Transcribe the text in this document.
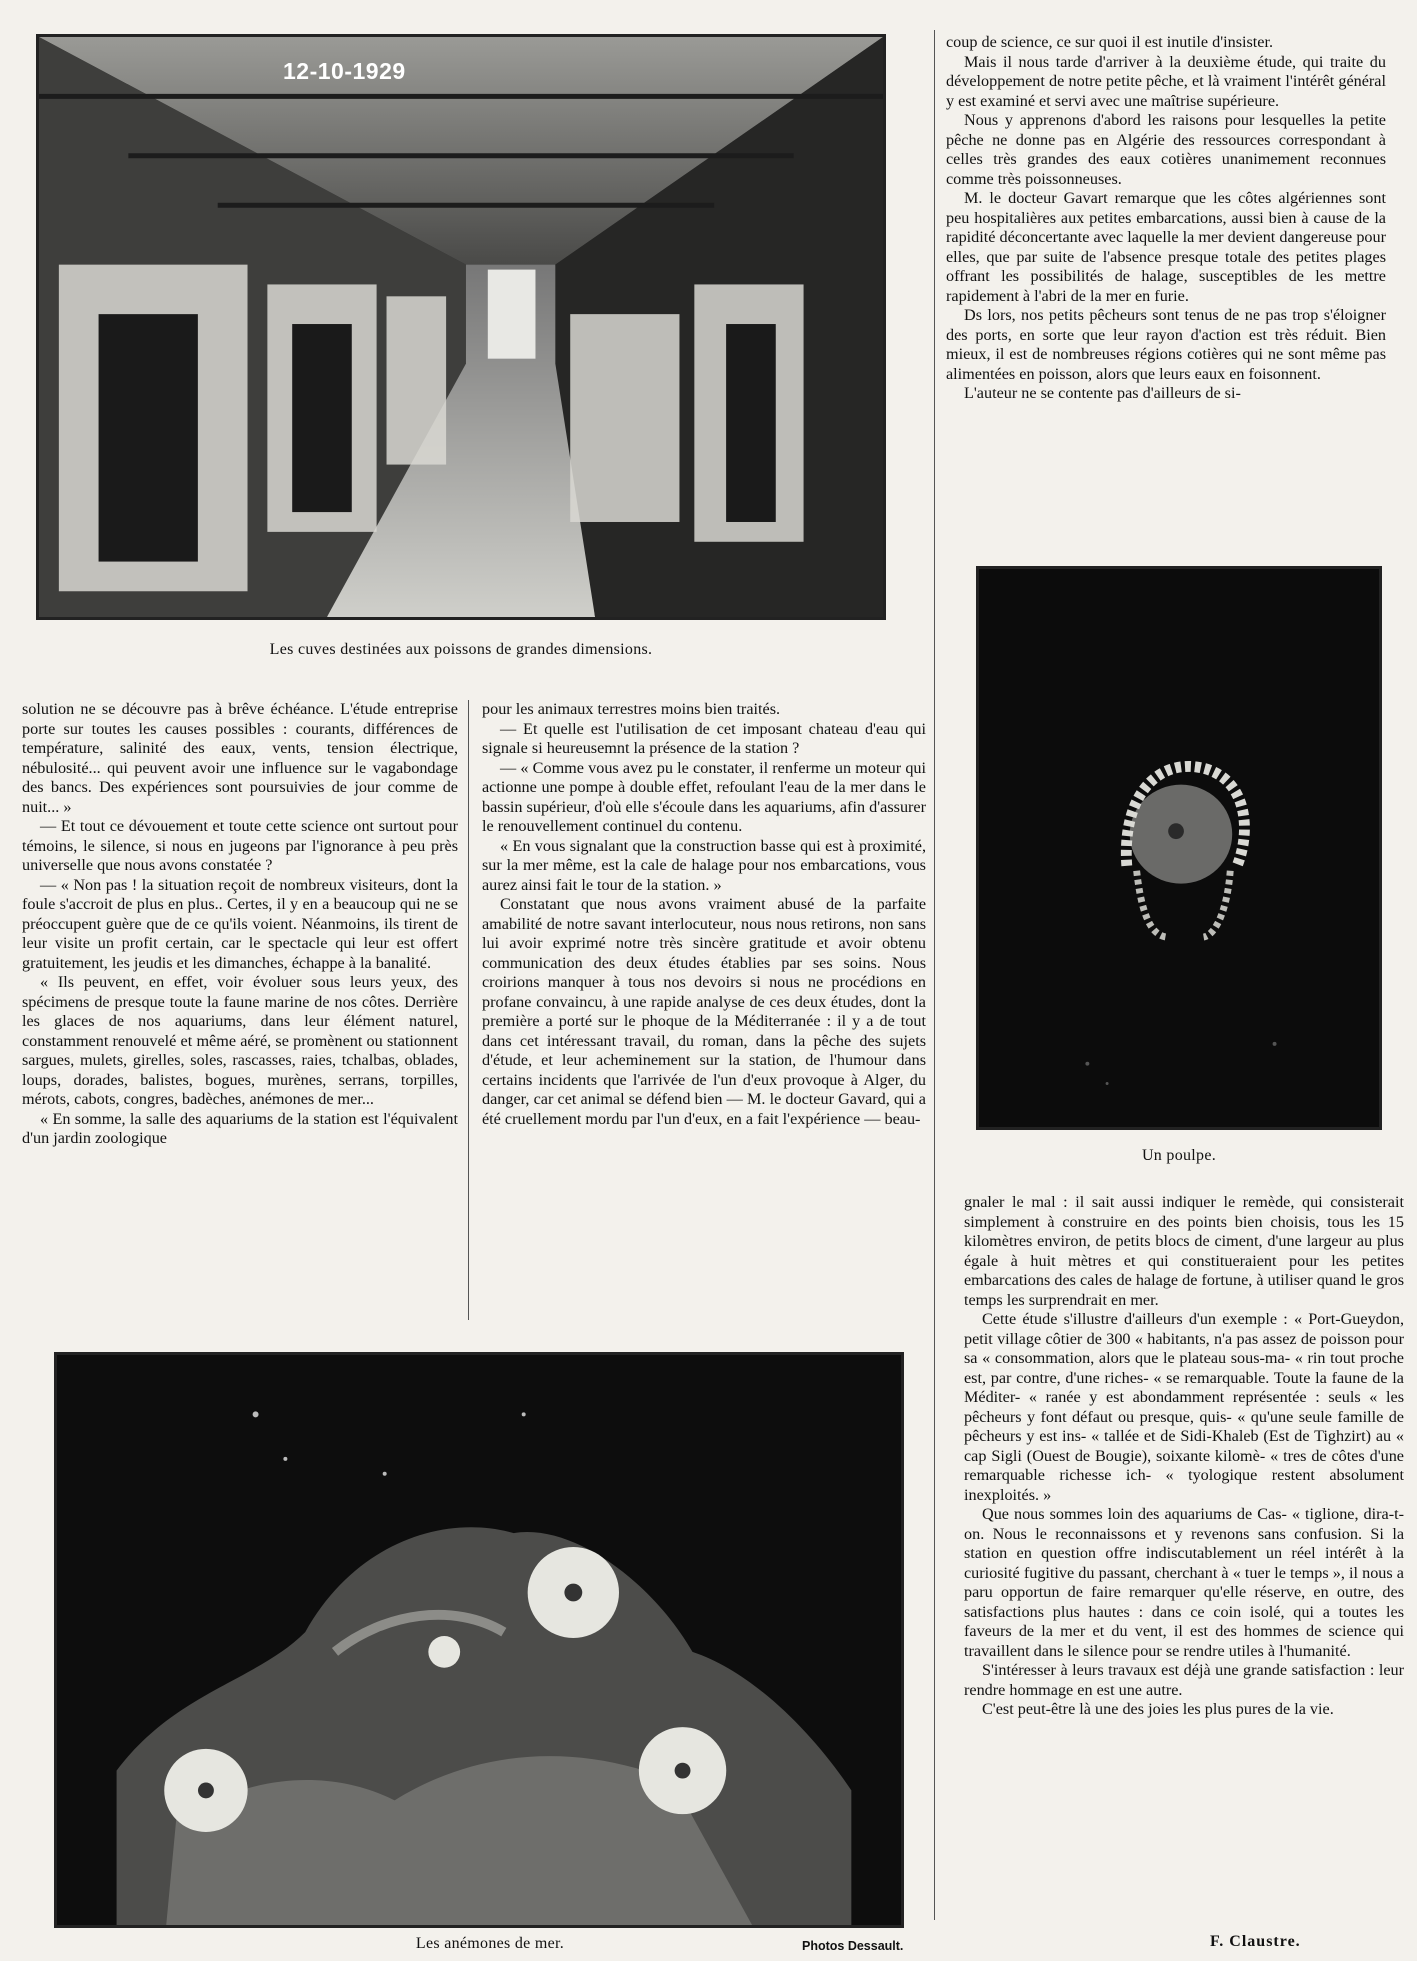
12-10-1929
Les cuves destinées aux poissons de grandes dimensions.

coup de science, ce sur quoi il est inutile d'insister.

Mais il nous tarde d'arriver à la deuxième étude, qui traite du développement de notre petite pêche, et là vraiment l'intérêt général y est examiné et servi avec une maîtrise supérieure.

Nous y apprenons d'abord les raisons pour lesquelles la petite pêche ne donne pas en Algérie des ressources correspondant à celles très grandes des eaux cotières unanimement reconnues comme très poissonneuses.

M. le docteur Gavart remarque que les côtes algériennes sont peu hospitalières aux petites embarcations, aussi bien à cause de la rapidité déconcertante avec laquelle la mer devient dangereuse pour elles, que par suite de l'absence presque totale des petites plages offrant les possibilités de halage, susceptibles de les mettre rapidement à l'abri de la mer en furie.

Ds lors, nos petits pêcheurs sont tenus de ne pas trop s'éloigner des ports, en sorte que leur rayon d'action est très réduit. Bien mieux, il est de nombreuses régions cotières qui ne sont même pas alimentées en poisson, alors que leurs eaux en foisonnent.

L'auteur ne se contente pas d'ailleurs de si-

Un poulpe.

solution ne se découvre pas à brêve échéance. L'étude entreprise porte sur toutes les causes possibles : courants, différences de température, salinité des eaux, vents, tension électrique, nébulosité... qui peuvent avoir une influence sur le vagabondage des bancs. Des expériences sont poursuivies de jour comme de nuit... »

— Et tout ce dévouement et toute cette science ont surtout pour témoins, le silence, si nous en jugeons par l'ignorance à peu près universelle que nous avons constatée ?

— « Non pas ! la situation reçoit de nombreux visiteurs, dont la foule s'accroit de plus en plus.. Certes, il y en a beaucoup qui ne se préoccupent guère que de ce qu'ils voient. Néanmoins, ils tirent de leur visite un profit certain, car le spectacle qui leur est offert gratuitement, les jeudis et les dimanches, échappe à la banalité.

« Ils peuvent, en effet, voir évoluer sous leurs yeux, des spécimens de presque toute la faune marine de nos côtes. Derrière les glaces de nos aquariums, dans leur élément naturel, constamment renouvelé et même aéré, se promènent ou stationnent sargues, mulets, girelles, soles, rascasses, raies, tchalbas, oblades, loups, dorades, balistes, bogues, murènes, serrans, torpilles, mérots, cabots, congres, badèches, anémones de mer...

« En somme, la salle des aquariums de la station est l'équivalent d'un jardin zoologique

pour les animaux terrestres moins bien traités.

— Et quelle est l'utilisation de cet imposant chateau d'eau qui signale si heureusemnt la présence de la station ?

— « Comme vous avez pu le constater, il renferme un moteur qui actionne une pompe à double effet, refoulant l'eau de la mer dans le bassin supérieur, d'où elle s'écoule dans les aquariums, afin d'assurer le renouvellement continuel du contenu.

« En vous signalant que la construction basse qui est à proximité, sur la mer même, est la cale de halage pour nos embarcations, vous aurez ainsi fait le tour de la station. »

Constatant que nous avons vraiment abusé de la parfaite amabilité de notre savant interlocuteur, nous nous retirons, non sans lui avoir exprimé notre très sincère gratitude et avoir obtenu communication des deux études établies par ses soins. Nous croirions manquer à tous nos devoirs si nous ne procédions en profane convaincu, à une rapide analyse de ces deux études, dont la première a porté sur le phoque de la Méditerranée : il y a de tout dans cet intéressant travail, du roman, dans la pêche des sujets d'étude, et leur acheminement sur la station, de l'humour dans certains incidents que l'arrivée de l'un d'eux provoque à Alger, du danger, car cet animal se défend bien — M. le docteur Gavard, qui a été cruellement mordu par l'un d'eux, en a fait l'expérience — beau-

gnaler le mal : il sait aussi indiquer le remède, qui consisterait simplement à construire en des points bien choisis, tous les 15 kilomètres environ, de petits blocs de ciment, d'une largeur au plus égale à huit mètres et qui constitueraient pour les petites embarcations des cales de halage de fortune, à utiliser quand le gros temps les surprendrait en mer.

Cette étude s'illustre d'ailleurs d'un exemple : « Port-Gueydon, petit village côtier de 300 « habitants, n'a pas assez de poisson pour sa « consommation, alors que le plateau sous-ma- « rin tout proche est, par contre, d'une riches- « se remarquable. Toute la faune de la Méditer- « ranée y est abondamment représentée : seuls « les pêcheurs y font défaut ou presque, quis- « qu'une seule famille de pêcheurs y est ins- « tallée et de Sidi-Khaleb (Est de Tighzirt) au « cap Sigli (Ouest de Bougie), soixante kilomè- « tres de côtes d'une remarquable richesse ich- « tyologique restent absolument inexploités. »

Que nous sommes loin des aquariums de Cas- « tiglione, dira-t-on. Nous le reconnaissons et y revenons sans confusion. Si la station en question offre indiscutablement un réel intérêt à la curiosité fugitive du passant, cherchant à « tuer le temps », il nous a paru opportun de faire remarquer qu'elle réserve, en outre, des satisfactions plus hautes : dans ce coin isolé, qui a toutes les faveurs de la mer et du vent, il est des hommes de science qui travaillent dans le silence pour se rendre utiles à l'humanité.

S'intéresser à leurs travaux est déjà une grande satisfaction : leur rendre hommage en est une autre.

C'est peut-être là une des joies les plus pures de la vie.

F. Claustre.
Les anémones de mer.	Photos Dessault.
